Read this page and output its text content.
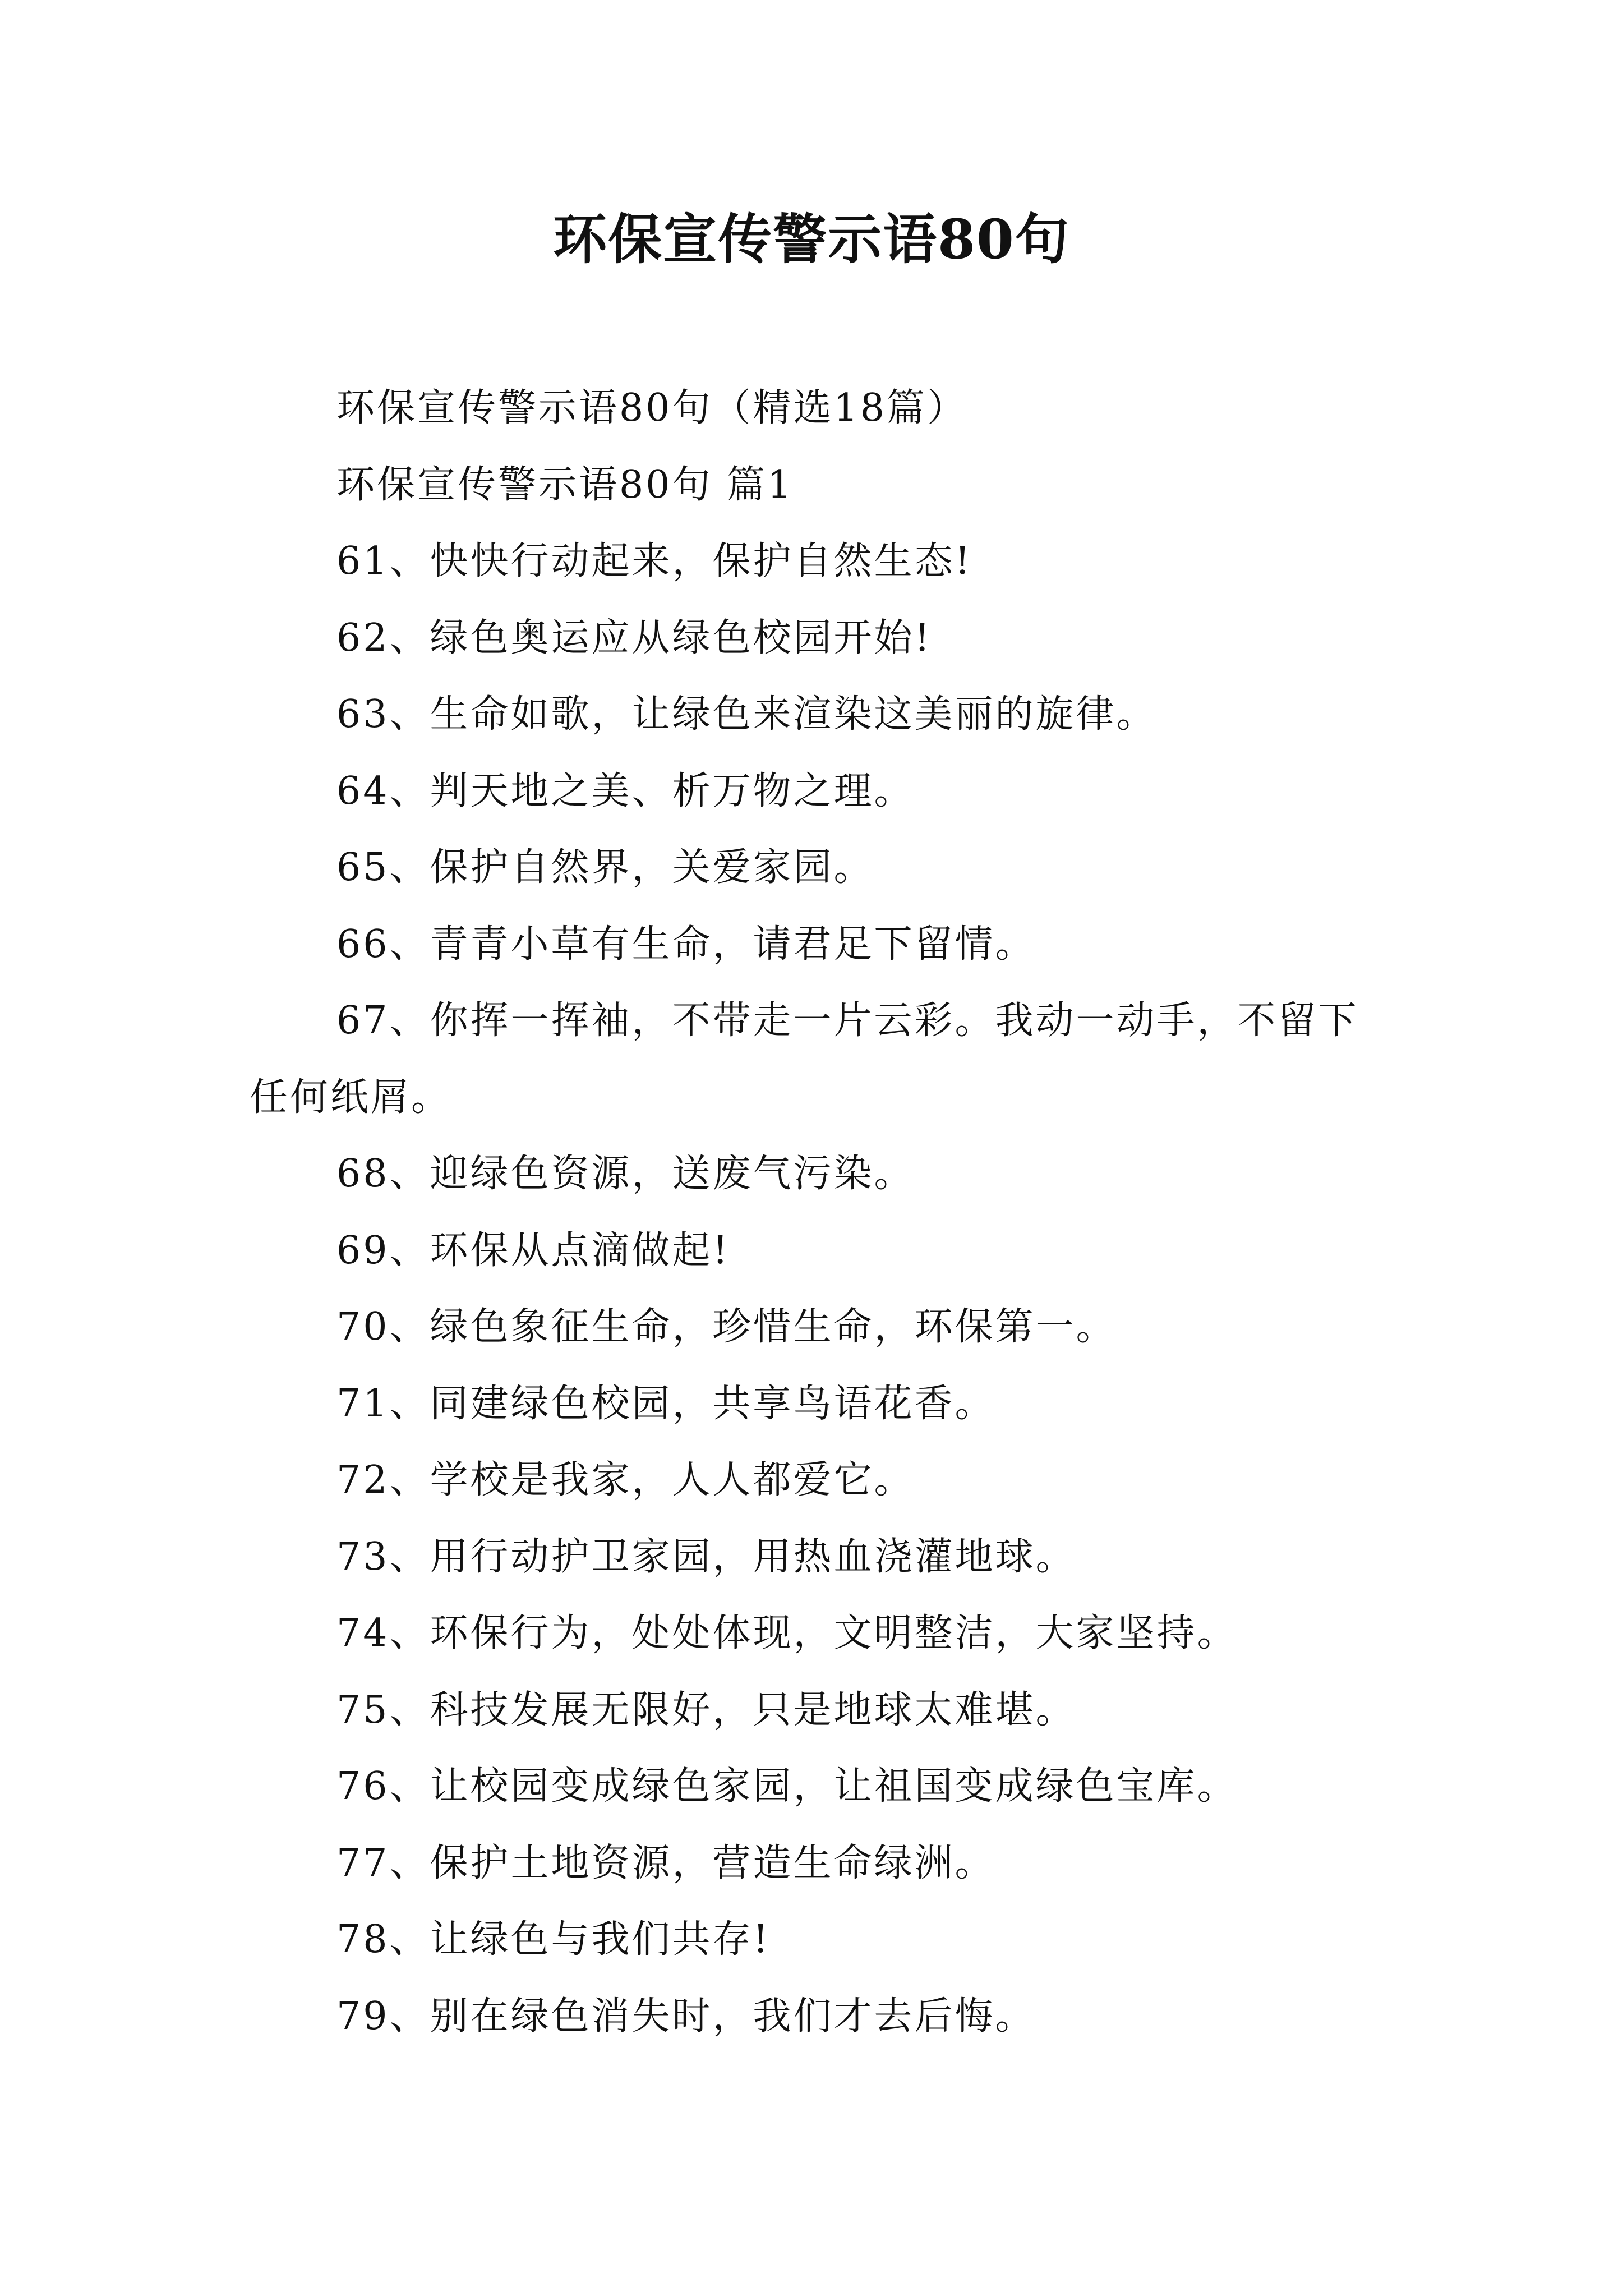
环保宣传警示语80句

环保宣传警示语80句（精选18篇）

环保宣传警示语80句 篇1

61、快快行动起来，保护自然生态!

62、绿色奥运应从绿色校园开始!

63、生命如歌，让绿色来渲染这美丽的旋律。

64、判天地之美、析万物之理。

65、保护自然界，关爱家园。

66、青青小草有生命，请君足下留情。

67、你挥一挥袖，不带走一片云彩。我动一动手，不留下任何纸屑。

68、迎绿色资源，送废气污染。

69、环保从点滴做起!

70、绿色象征生命，珍惜生命，环保第一。

71、同建绿色校园，共享鸟语花香。

72、学校是我家，人人都爱它。

73、用行动护卫家园，用热血浇灌地球。

74、环保行为，处处体现，文明整洁，大家坚持。

75、科技发展无限好，只是地球太难堪。

76、让校园变成绿色家园，让祖国变成绿色宝库。

77、保护土地资源，营造生命绿洲。

78、让绿色与我们共存!

79、别在绿色消失时，我们才去后悔。
